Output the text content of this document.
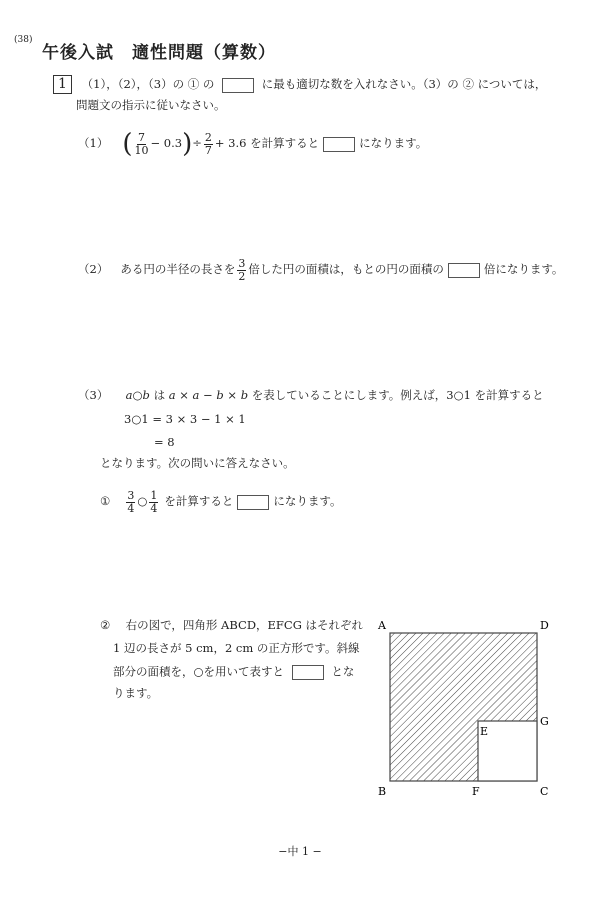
(38)
午後入試　適性問題（算数）
1 （1），（2），（3）の ① の	に最も適切な数を入れなさい。（3）の ② については，
問題文の指示に従いなさい。
（1） ( $\frac{7}{10} - 0.3$ ) ÷ $\frac{2}{7} + 3.6$ を計算すると	になります。
（2） ある円の半径の長さを $\frac{3}{2}$ 倍した円の面積は，もとの円の面積の	倍になります。
（3） a○b は a × a − b × b を表していることにします。例えば，3○1 を計算すると
3○1 = 3 × 3 − 1 × 1
= 8
となります。次の問いに答えなさい。
① $\frac{3}{4}$ ○ $\frac{1}{4}$ を計算すると	になります。
② 右の図で，四角形 ABCD，EFCG はそれぞれ
1 辺の長さが 5 cm，2 cm の正方形です。斜線
部分の面積を，○を用いて表すと	とな
ります。
A	D
B	C
E
F
G
−中 1 −
